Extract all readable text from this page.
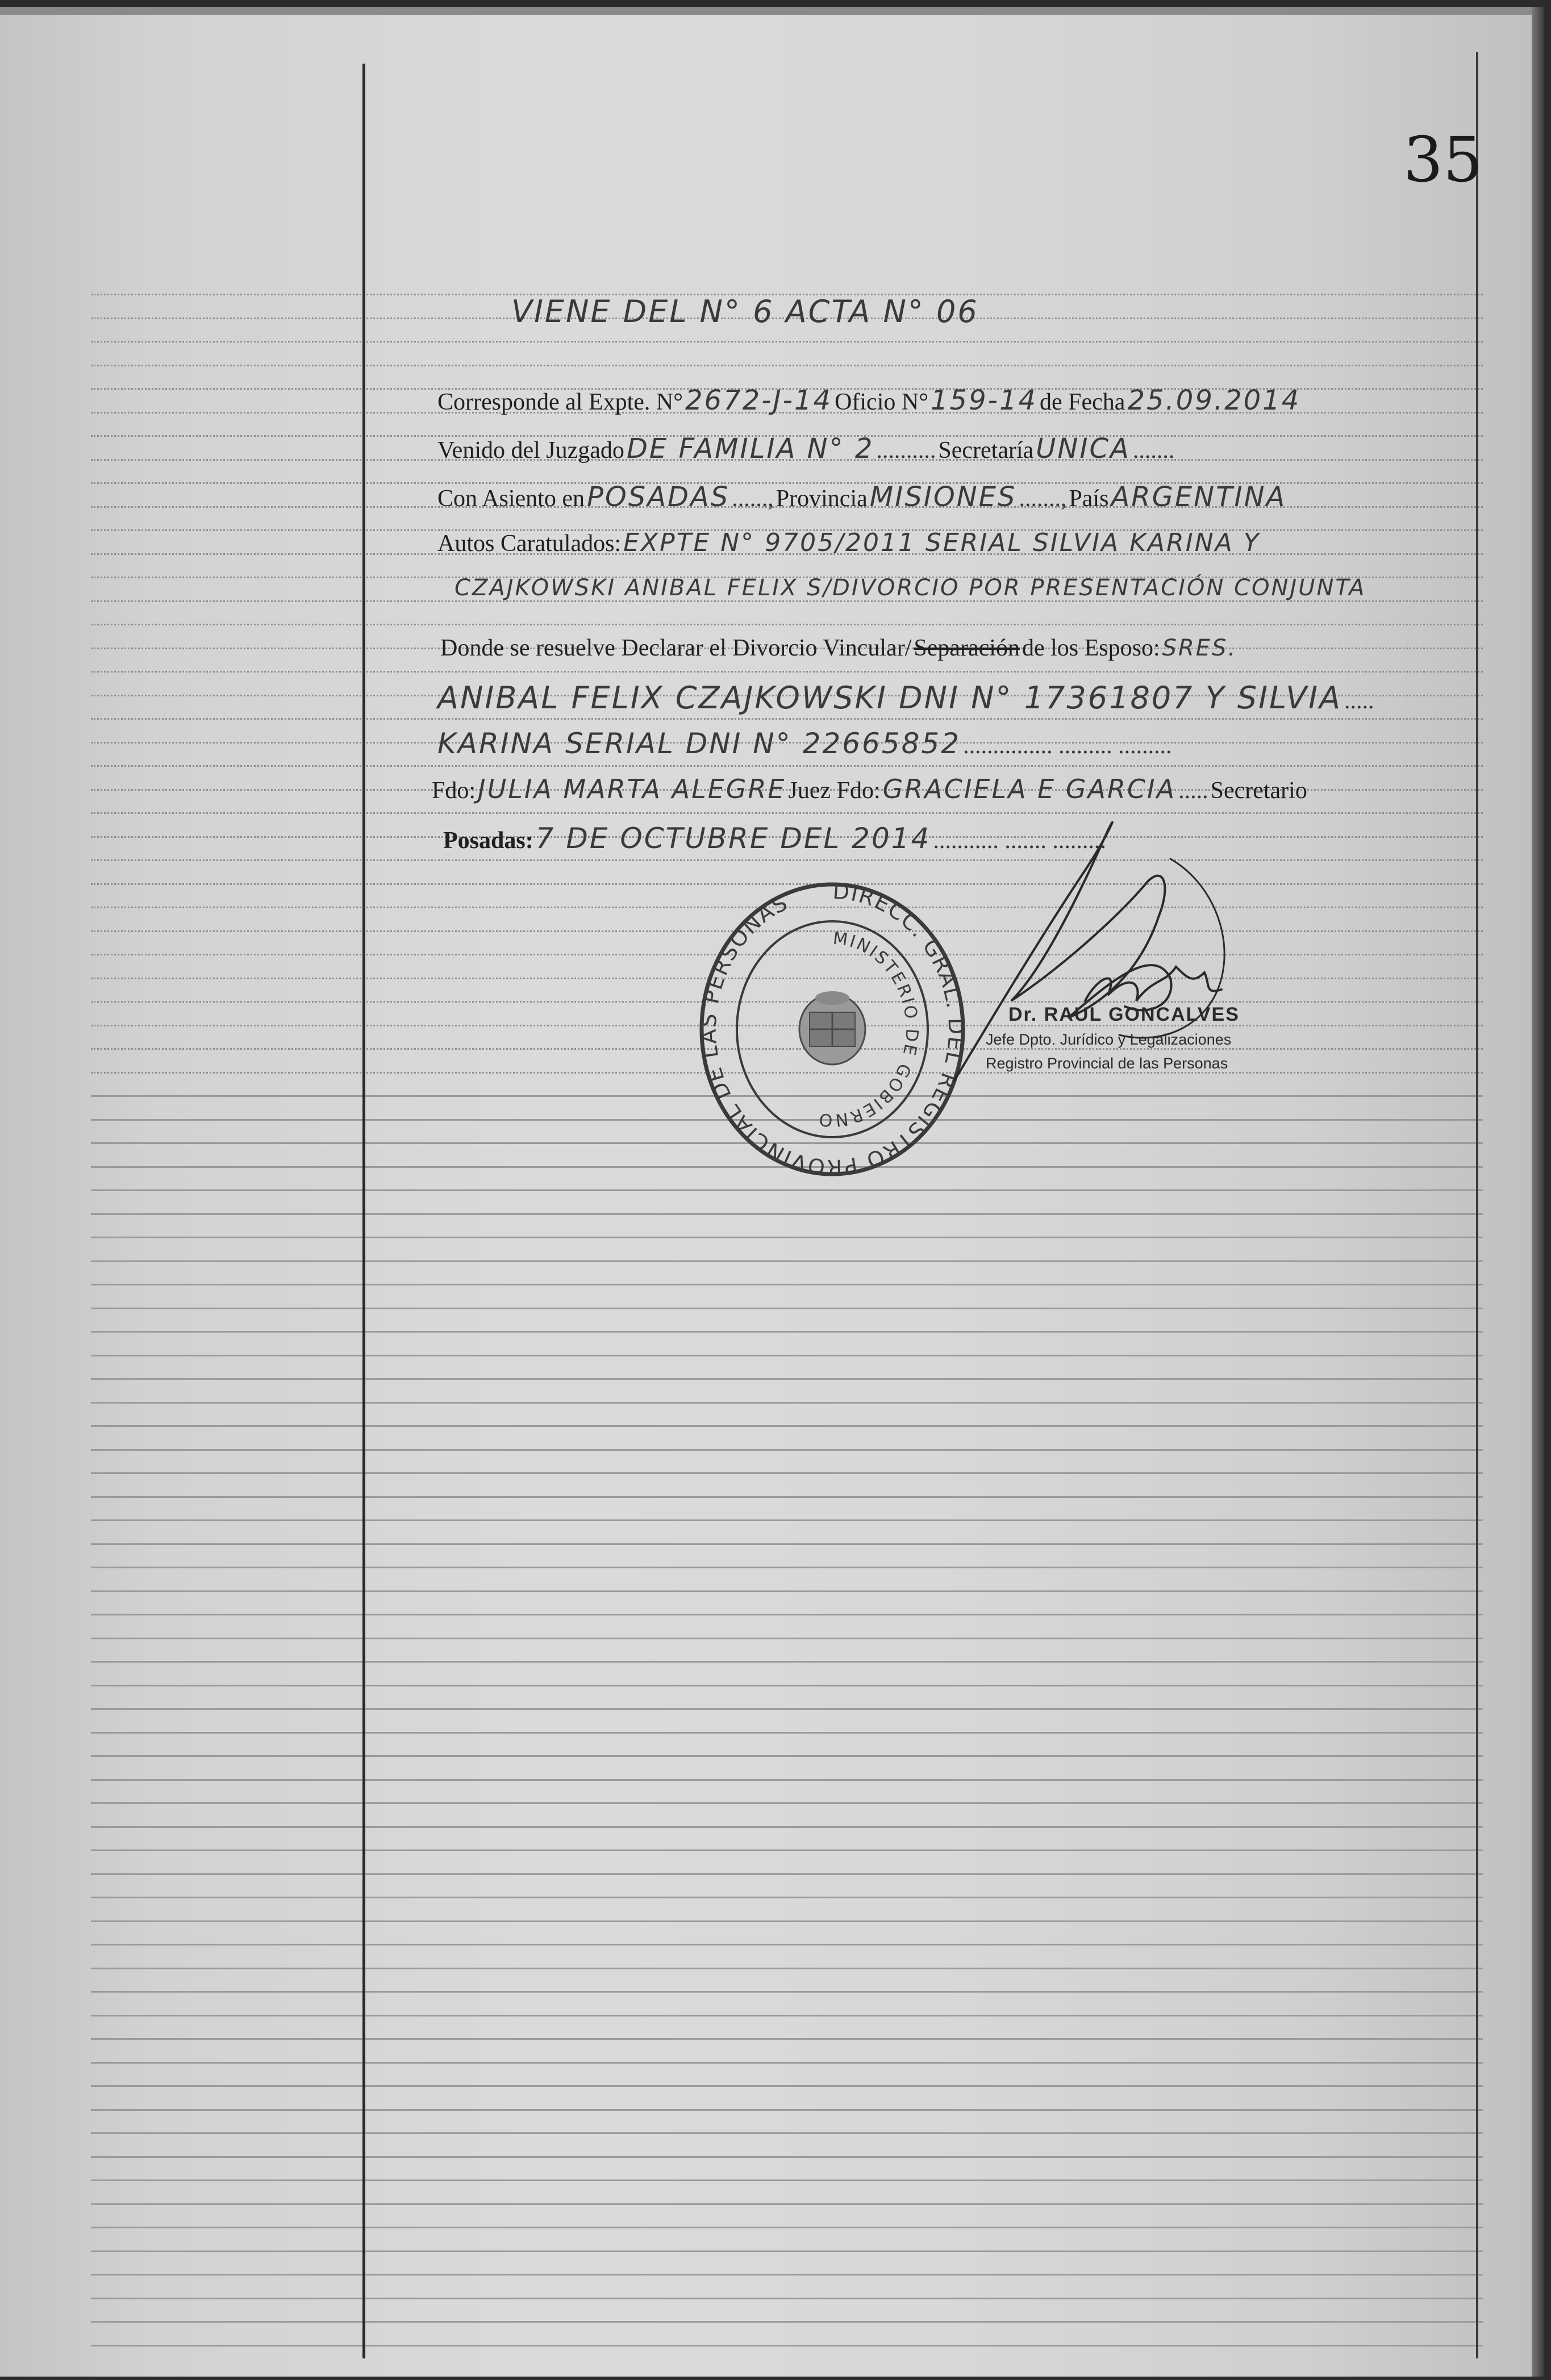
35
VIENE DEL N° 6 ACTA N° 06
Corresponde al Expte. N° 2672-J-14 Oficio N° 159-14 de Fecha 25.09.2014
Venido del Juzgado DE FAMILIA N° 2 .......... Secretaría UNICA .......
Con Asiento en POSADAS ......, Provincia MISIONES ......., País ARGENTINA
Autos Caratulados: EXPTE N° 9705/2011 SERIAL SILVIA KARINA Y
CZAJKOWSKI ANIBAL FELIX S/DIVORCIO POR PRESENTACIÓN CONJUNTA
Donde se resuelve Declarar el Divorcio Vincular/ Separación de los Esposo: SRES.
ANIBAL FELIX CZAJKOWSKI DNI N° 17361807 Y SILVIA .....
KARINA SERIAL DNI N° 22665852 ............... ......... .........
Fdo: JULIA MARTA ALEGRE Juez Fdo: GRACIELA E GARCIA ..... Secretario
Posadas: 7 DE OCTUBRE DEL 2014 ........... ....... .........
DIRECC. GRAL. DEL REGISTRO PROVINCIAL DE LAS PERSONAS
MINISTERIO DE GOBIERNO
Dr. RAUL GONCALVES
Jefe Dpto. Jurídico y Legalizaciones
Registro Provincial de las Personas
